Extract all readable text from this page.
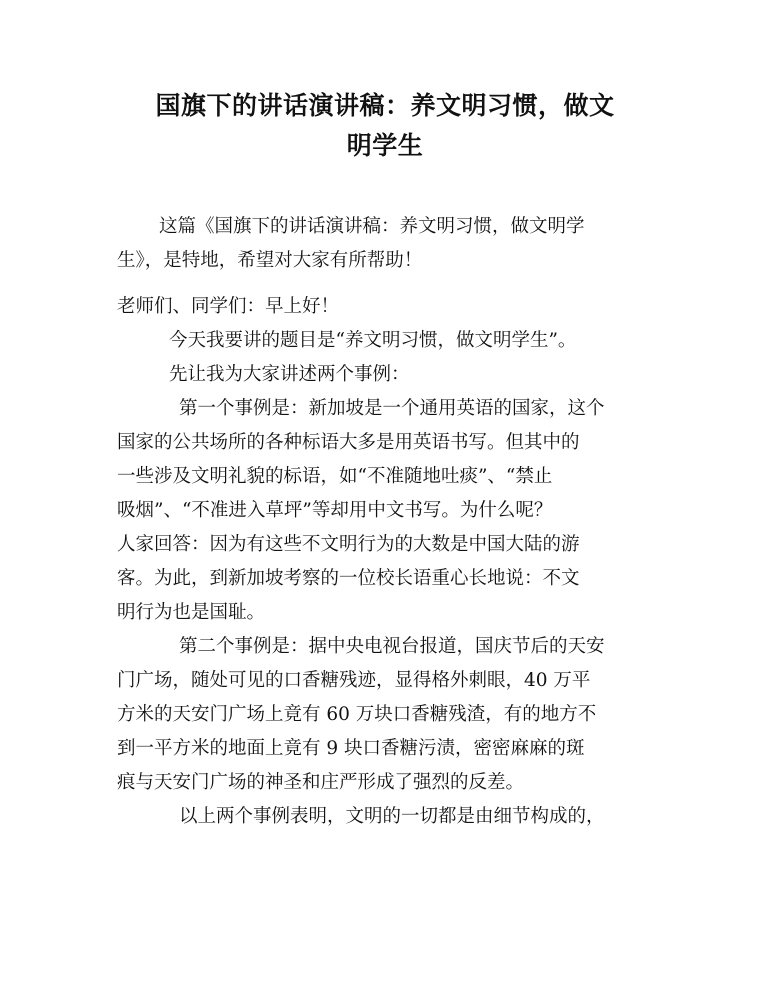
国旗下的讲话演讲稿：养文明习惯，做文
明学生
这篇《国旗下的讲话演讲稿：养文明习惯，做文明学
生》，是特地，希望对大家有所帮助！
老师们、同学们：早上好！
今天我要讲的题目是“养文明习惯，做文明学生”。
先让我为大家讲述两个事例：
第一个事例是：新加坡是一个通用英语的国家，这个
国家的公共场所的各种标语大多是用英语书写。但其中的
一些涉及文明礼貌的标语，如“不准随地吐痰”、“禁止
吸烟”、“不准进入草坪”等却用中文书写。为什么呢？
人家回答：因为有这些不文明行为的大数是中国大陆的游
客。为此，到新加坡考察的一位校长语重心长地说：不文
明行为也是国耻。
第二个事例是：据中央电视台报道，国庆节后的天安
门广场，随处可见的口香糖残迹，显得格外刺眼，40 万平
方米的天安门广场上竟有 60 万块口香糖残渣，有的地方不
到一平方米的地面上竟有 9 块口香糖污渍，密密麻麻的斑
痕与天安门广场的神圣和庄严形成了强烈的反差。
以上两个事例表明，文明的一切都是由细节构成的，
